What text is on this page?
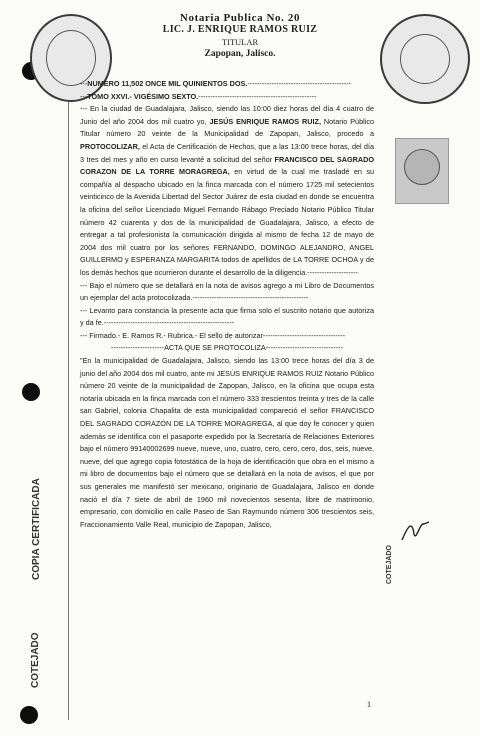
Notaria Publica No. 20
LIC. J. ENRIQUE RAMOS RUIZ
TITULAR
Zapopan, Jalisco.

---NUMERO 11,502 ONCE MIL QUINIENTOS DOS.-------------------------------------------

---TOMO XXVI.- VIGÉSIMO SEXTO.-------------------------------------------------

--- En la ciudad de Guadalajara, Jalisco, siendo las 10:00 diez horas del día 4 cuatro de Junio del año 2004 dos mil cuatro yo, JESÚS ENRIQUE RAMOS RUIZ, Notario Público Titular número 20 veinte de la Municipalidad de Zapopan, Jalisco, procedo a PROTOCOLIZAR, el Acta de Certificación de Hechos, que a las 13:00 trece horas, del día 3 tres del mes y año en curso levanté a solicitud del señor FRANCISCO DEL SAGRADO CORAZON DE LA TORRE MORAGREGA, en virtud de la cual me trasladé en su compañía al despacho ubicado en la finca marcada con el número 1725 mil setecientos veinticinco de la Avenida Libertad del Sector Juárez de esta ciudad en donde se encuentra la oficina del señor Licenciado Miguel Fernando Rábago Preciado Notario Público Titular número 42 cuarenta y dos de la municipalidad de Guadalajara, Jalisco, a efecto de entregar a tal profesionista la comunicación dirigida al mismo de fecha 12 de mayo de 2004 dos mil cuatro por los señores FERNANDO, DOMINGO ALEJANDRO, ANGEL GUILLERMO y ESPERANZA MARGARITA todos de apellidos de LA TORRE OCHOA y de los demás hechos que ocurrieron durante el desarrollo de la diligencia.---------------------

--- Bajo el número que se detallará en la nota de avisos agrego a mi Libro de Documentos un ejemplar del acta protocolizada.------------------------------------------------

--- Levanto para constancia la presente acta que firma solo el suscrito notario que autoriza y da fe.------------------------------------------------------

--- Firmado.- E. Ramos R.- Rubrica.- El sello de autorizar----------------------------------

----------------------ACTA QUE SE PROTOCOLIZA--------------------------------

"En la municipalidad de Guadalajara, Jalisco, siendo las 13:00 trece horas del día 3 de junio del año 2004 dos mil cuatro, ante mi JESÚS ENRIQUE RAMOS RUIZ Notario Público número 20 veinte de la municipalidad de Zapopan, Jalisco, en la oficina que ocupa esta notaría ubicada en la finca marcada con el número 333 trescientos treinta y tres de la calle san Gabriel, colonia Chapalita de esta municipalidad compareció el señor FRANCISCO DEL SAGRADO CORAZÓN DE LA TORRE MORAGREGA, al que doy fe conocer y quien además se identifica con el pasaporte expedido por la Secretaría de Relaciones Exteriores bajo el número 99140002699 nueve, nueve, uno, cuatro, cero, cero, cero, dos, seis, nueve, nueve, del que agrego copia fotostática de la hoja de identificación que obra en el mismo a mi libro de documentos bajo el número que se detallará en la nota de avisos, el que por sus generales me manifestó ser mexicano, originario de Guadalajara, Jalisco en donde nació el día 7 siete de abril de 1960 mil novecientos sesenta, libre de matrimonio, empresario, con domicilio en calle Paseo de San Raymundo número 306 trescientos seis, Fraccionamiento Valle Real, municipio de Zapopan, Jalisco,

COPIA CERTIFICADA
COTEJADO
COTEJADO
1
